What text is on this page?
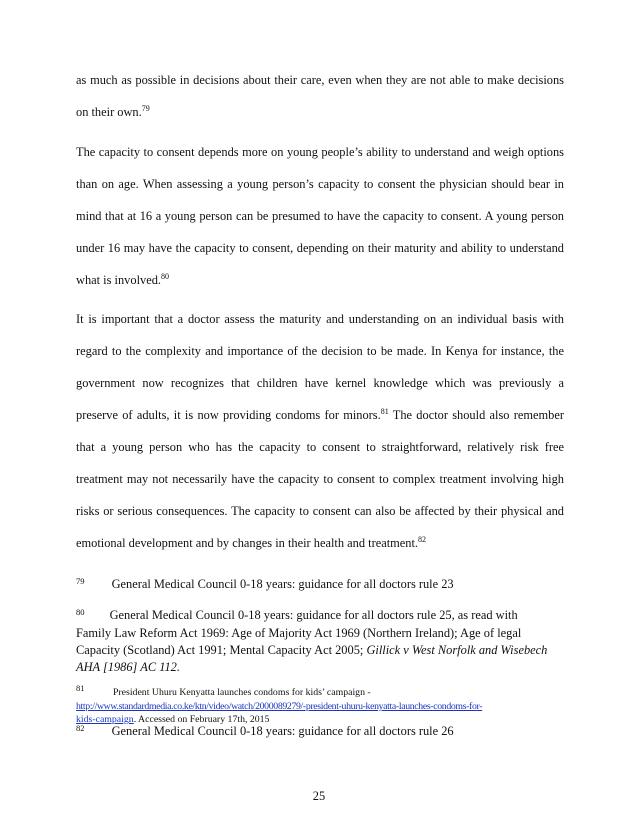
as much as possible in decisions about their care, even when they are not able to make decisions
on their own.$^{79}$
The capacity to consent depends more on young people’s ability to understand and weigh options
than on age. When assessing a young person’s capacity to consent the physician should bear in
mind that at 16 a young person can be presumed to have the capacity to consent. A young person
under 16 may have the capacity to consent, depending on their maturity and ability to understand
what is involved.$^{80}$
It is important that a doctor assess the maturity and understanding on an individual basis with
regard to the complexity and importance of the decision to be made. In Kenya for instance, the
government now recognizes that children have kernel knowledge which was previously a
preserve of adults, it is now providing condoms for minors.$^{81}$ The doctor should also remember
that a young person who has the capacity to consent to straightforward, relatively risk free
treatment may not necessarily have the capacity to consent to complex treatment involving high
risks or serious consequences. The capacity to consent can also be affected by their physical and
emotional development and by changes in their health and treatment.$^{82}$
$^{79}$ General Medical Council 0-18 years: guidance for all doctors rule 23
$^{80}$ General Medical Council 0-18 years: guidance for all doctors rule 25, as read with
Family Law Reform Act 1969: Age of Majority Act 1969 (Northern Ireland); Age of legal
Capacity (Scotland) Act 1991; Mental Capacity Act 2005; Gillick v West Norfolk and Wisebech
AHA [1986] AC 112.
81	President Uhuru Kenyatta launches condoms for kids’ campaign -
http://www.standardmedia.co.ke/ktn/video/watch/2000089279/-president-uhuru-kenyatta-launches-condoms-for-
kids-campaign. Accessed on February 17th, 2015
$^{82}$ General Medical Council 0-18 years: guidance for all doctors rule 26
25
